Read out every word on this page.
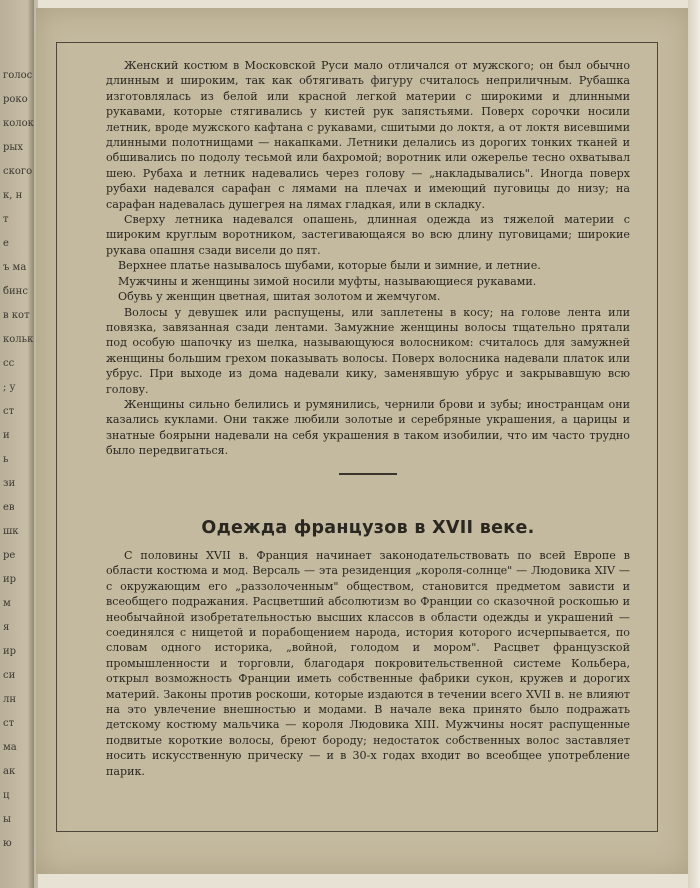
голос
роко
колок
рых
ского
к, н
т
е
ъ ма
бинс
в кот
кольк
сс
; у
ст
и
ь
зи
ев
шк
ре
ир
м
я
ир
си
лн
ст
ма
ак
ц
ы
ю

Женский костюм в Московской Руси мало отличался от мужского; он был обычно длинным и широким, так как обтягивать фигуру считалось неприличным. Рубашка изготовлялась из белой или красной легкой материи с широкими и длинными рукавами, которые стягивались у кистей рук запястьями. Поверх сорочки носили летник, вроде мужского кафтана с рукавами, сшитыми до локтя, а от локтя висевшими длинными полотнищами — накапками. Летники делались из дорогих тонких тканей и обшивались по подолу тесьмой или бахромой; воротник или ожерелье тесно охватывал шею. Рубаха и летник надевались через голову — „накладывались". Иногда поверх рубахи надевался сарафан с лямами на плечах и имеющий пуговицы до низу; на сарафан надевалась душегрея на лямах гладкая, или в складку.

Сверху летника надевался опашень, длинная одежда из тяжелой материи с широким круглым воротником, застегивающаяся во всю длину пуговицами; широкие рукава опашня сзади висели до пят.

Верхнее платье называлось шубами, которые были и зимние, и летние.

Мужчины и женщины зимой носили муфты, называющиеся рукавами.

Обувь у женщин цветная, шитая золотом и жемчугом.

Волосы у девушек или распущены, или заплетены в косу; на голове лента или повязка, завязанная сзади лентами. Замужние женщины волосы тщательно прятали под особую шапочку из шелка, называющуюся волосником: считалось для замужней женщины большим грехом показывать волосы. Поверх волосника надевали платок или убрус. При выходе из дома надевали кику, заменявшую убрус и закрывавшую всю голову.

Женщины сильно белились и румянились, чернили брови и зубы; иностранцам они казались куклами. Они также любили золотые и серебряные украшения, а царицы и знатные боярыни надевали на себя украшения в таком изобилии, что им часто трудно было передвигаться.

Одежда французов в XVII веке.

С половины XVII в. Франция начинает законодательствовать по всей Европе в области костюма и мод. Версаль — эта резиденция „короля-солнце" — Людовика XIV — с окружающим его „раззолоченным" обществом, становится предметом зависти и всеобщего подражания. Расцветший абсолютизм во Франции со сказочной роскошью и необычайной изобретательностью высших классов в области одежды и украшений — соединялся с нищетой и порабощением народа, история которого исчерпывается, по словам одного историка, „войной, голодом и мором". Расцвет французской промышленности и торговли, благодаря покровительственной системе Кольбера, открыл возможность Франции иметь собственные фабрики сукон, кружев и дорогих материй. Законы против роскоши, которые издаются в течении всего XVII в. не влияют на это увлечение внешностью и модами. В начале века принято было подражать детскому костюму мальчика — короля Людовика XIII. Мужчины носят распущенные подвитые короткие волосы, бреют бороду; недостаток собственных волос заставляет носить искусственную прическу — и в 30-х годах входит во всеобщее употребление парик.
